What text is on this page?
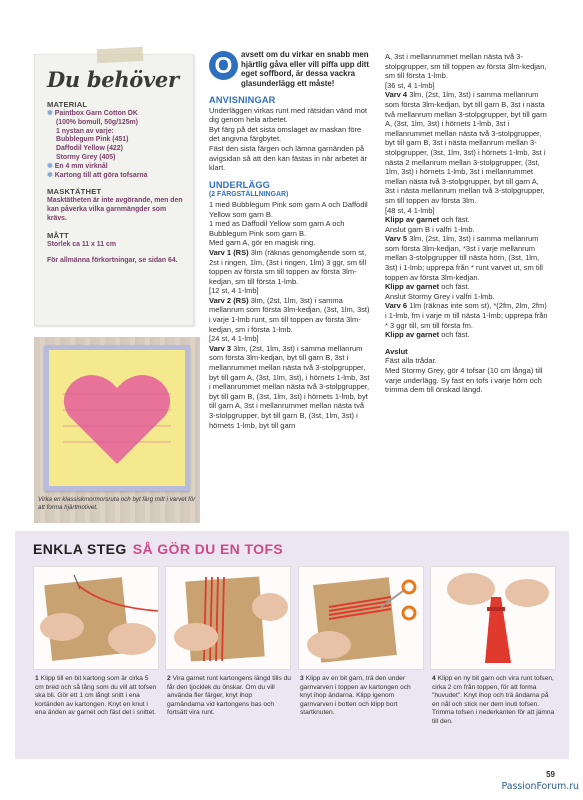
Du behöver
MATERIAL
✽ Paintbox Garn Cotton DK
(100% bomull, 50g/125m)
1 nystan av varje:
Bubblegum Pink (451)
Daffodil Yellow (422)
Stormy Grey (405)
✽ En 4 mm virknål
✽ Kartong till att göra tofsarna
MASKTÄTHET
Masktätheten är inte avgörande, men den kan påverka vilka garnmängder som krävs.
MÅTT
Storlek ca 11 x 11 cm
För allmänna förkortningar, se sidan 64.
Virka en klassiskmormorsruta och byt färg mitt i varvet för att forma hjärtmotivet.
O	avsett om du virkar en snabb men hjärtlig gåva eller vill piffa upp ditt eget soffbord, är dessa vackra glasunderlägg ett måste!
ANVISNINGAR
Underläggen virkas runt med rätsidan vänd mot dig genom hela arbetet.
Byt färg på det sista omslaget av maskan före det angivna färgbytet.
Fäst den sista färgen och lämna garnänden på avigsidan så att den kan fästas in när arbetet är klart.
UNDERLÄGG
(2 FÄRGSTÄLLNINGAR)
1 med Bubblegum Pink som garn A och Daffodil Yellow som garn B.
1 med as Daffodil Yellow som garn A och Bubblegum Pink som garn B.
Med garn A, gör en magisk ring.
Varv 1 (RS) 3lm (räknas genomgående som st, 2st i ringen, 1lm, (3st i ringen, 1lm) 3 ggr, sm till toppen av första sm till toppen av första 3lm-kedjan, sm till första 1-lmb.
[12 st, 4 1-lmb]
Varv 2 (RS) 3lm, (2st, 1lm, 3st) i samma mellanrum som första 3lm-kedjan, (3st, 1lm, 3st) i varje 1-lmb runt, sm till toppen av första 3lm-kedjan, sm i första 1-lmb.
[24 st, 4 1-lmb]
Varv 3 3lm, (2st, 1lm, 3st) i samma mellanrum som första 3lm-kedjan, byt till garn B, 3st i mellanrummet mellan nästa två 3-stolpgrupper, byt till garn A, (3st, 1lm, 3st), i hörnets 1-lmb, 3st i mellanrummet mellan nästa två 3-stolpgrupper, byt till garn B, (3st, 1lm, 3st) i hörnets 1-lmb, byt till garn A, 3st i mellanrummet mellan nästa två 3-stolpgrupper, byt till garn B, (3st, 1lm, 3st) i hörnets 1-lmb, byt till garn
A, 3st i mellanrummet mellan nästa två 3-stolpgrupper, sm till toppen av första 3lm-kedjan, sm till första 1-lmb.
[36 st, 4 1-lmb]
Varv 4 3lm, (2st, 1lm, 3st) i samma mellanrum som första 3lm-kedjan, byt till garn B, 3st i nästa två mellanrum mellan 3-stolpgrupper, byt till garn A, (3st, 1lm, 3st) i hörnets 1-lmb, 3st i mellanrummet mellan nästa två 3-stolpgrupper, byt till garn B, 3st i nästa mellanrum mellan 3-stolpgrupper, (3st, 1lm, 3st) i hörnets 1-lmb, 3st i nästa 2 mellanrum mellan 3-stolpgrupper, (3st, 1lm, 3st) i hörnets 1-lmb, 3st i mellanrummet mellan nästa två 3-stolpgrupper, byt till garn A, 3st i nästa mellanrum mellan två 3-stolpgrupper, sm till toppen av första 3lm.
[48 st, 4 1-lmb]
Klipp av garnet och fäst.
Anslut garn B i valfri 1-lmb.
Varv 5 3lm, (2st, 1lm, 3st) i samma mellanrum som första 3lm-kedjan, *3st i varje mellanrum mellan 3-stolpgrupper till nästa hörn, (3st, 1lm, 3st) i 1-lmb; upprepa från * runt varvet ut, sm till toppen av första 3lm-kedjan.
Klipp av garnet och fäst.
Anslut Stormy Grey i valfri 1-lmb.
Varv 6 1lm (räknas inte som st), *(2fm, 2lm, 2fm) i 1-lmb, fm i varje m till nästa 1-lmb; upprepa från * 3 ggr till, sm till första fm.
Klipp av garnet och fäst.
Avslut
Fäst alla trådar.
Med Stormy Grey, gör 4 tofsar (10 cm långa) till varje underlägg. Sy fast en tofs i varje hörn och trimma dem till önskad längd.
ENKLA STEG SÅ GÖR DU EN TOFS
1 Klipp till en bit kartong som är cirka 5 cm bred och så lång som du vill att tofsen ska bli. Gör ett 1 cm långt snitt i ena kortänden av kartongen. Knyt en knut i ena änden av garnet och fäst det i snittet.
2 Vira garnet runt kartongens längd tills du får den tjocklek du önskar. Om du vill använda fler färger, knyt ihop garnändarna vid kartongens bas och fortsätt vira runt.
3 Klipp av en bit garn, trä den under garnvarven i toppen av kartongen och knyt ihop ändarna. Klipp igenom garnvarven i botten och klipp bort startknuten.
4 Klipp en ny bit garn och vira runt tofsen, cirka 2 cm från toppen, för att forma "huvudet". Knyt ihop och trä ändarna på en nål och stick ner dem inuti tofsen. Trimma tofsen i nederkanten för att jämna till den.
59
PassionForum.ru
